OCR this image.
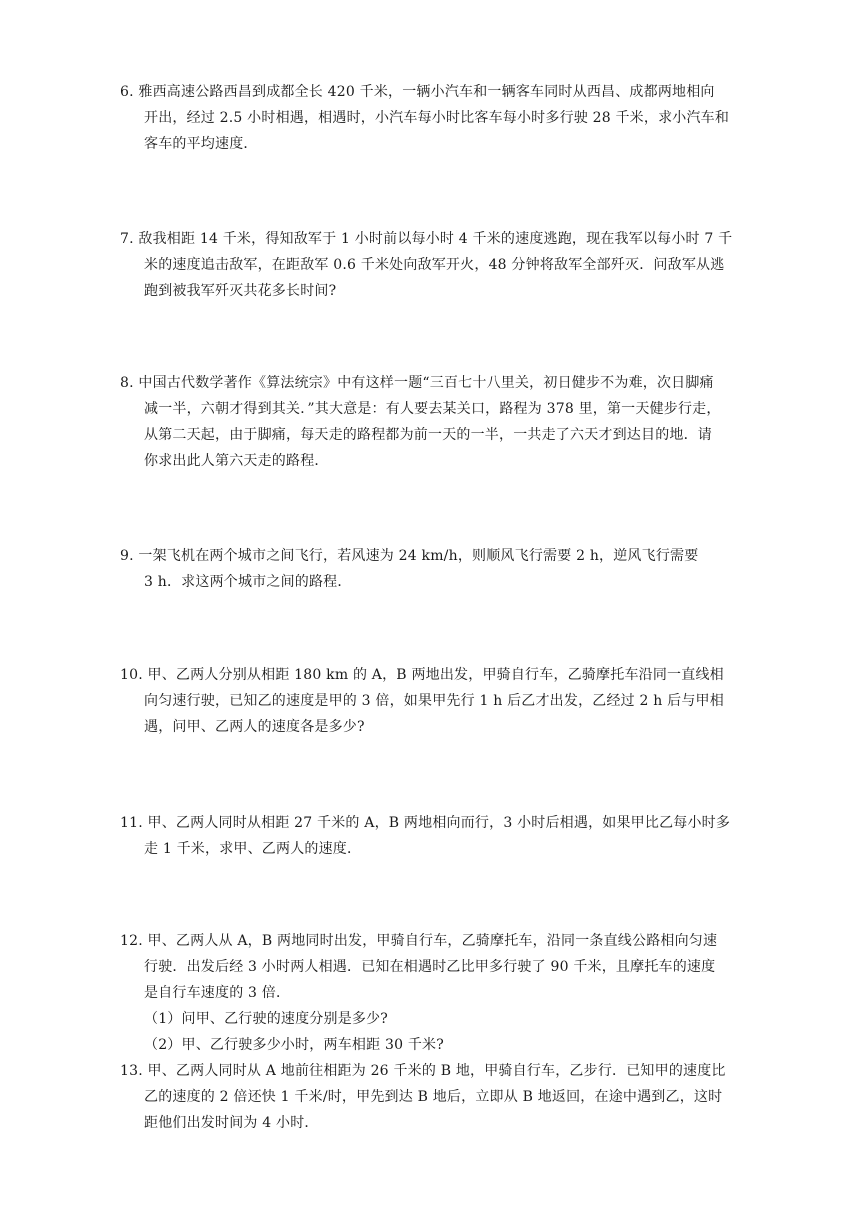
6. 雅西高速公路西昌到成都全长 420 千米，一辆小汽车和一辆客车同时从西昌、成都两地相向
开出，经过 2.5 小时相遇，相遇时，小汽车每小时比客车每小时多行驶 28 千米，求小汽车和
客车的平均速度．
7. 敌我相距 14 千米，得知敌军于 1 小时前以每小时 4 千米的速度逃跑，现在我军以每小时 7 千
米的速度追击敌军，在距敌军 0.6 千米处向敌军开火，48 分钟将敌军全部歼灭．问敌军从逃
跑到被我军歼灭共花多长时间?
8. 中国古代数学著作《算法统宗》中有这样一题“三百七十八里关，初日健步不为难，次日脚痛
减一半，六朝才得到其关．”其大意是：有人要去某关口，路程为 378 里，第一天健步行走，
从第二天起，由于脚痛，每天走的路程都为前一天的一半，一共走了六天才到达目的地．请
你求出此人第六天走的路程．
9. 一架飞机在两个城市之间飞行，若风速为 24 km/h，则顺风飞行需要 2 h，逆风飞行需要
3 h．求这两个城市之间的路程．
10. 甲、乙两人分别从相距 180 km 的 A，B 两地出发，甲骑自行车，乙骑摩托车沿同一直线相
向匀速行驶，已知乙的速度是甲的 3 倍，如果甲先行 1 h 后乙才出发，乙经过 2 h 后与甲相
遇，问甲、乙两人的速度各是多少?
11. 甲、乙两人同时从相距 27 千米的 A，B 两地相向而行，3 小时后相遇，如果甲比乙每小时多
走 1 千米，求甲、乙两人的速度．
12. 甲、乙两人从 A，B 两地同时出发，甲骑自行车，乙骑摩托车，沿同一条直线公路相向匀速
行驶．出发后经 3 小时两人相遇．已知在相遇时乙比甲多行驶了 90 千米，且摩托车的速度
是自行车速度的 3 倍．
（1）问甲、乙行驶的速度分别是多少?
（2）甲、乙行驶多少小时，两车相距 30 千米?
13. 甲、乙两人同时从 A 地前往相距为 26 千米的 B 地，甲骑自行车，乙步行．已知甲的速度比
乙的速度的 2 倍还快 1 千米/时，甲先到达 B 地后，立即从 B 地返回，在途中遇到乙，这时
距他们出发时间为 4 小时．
